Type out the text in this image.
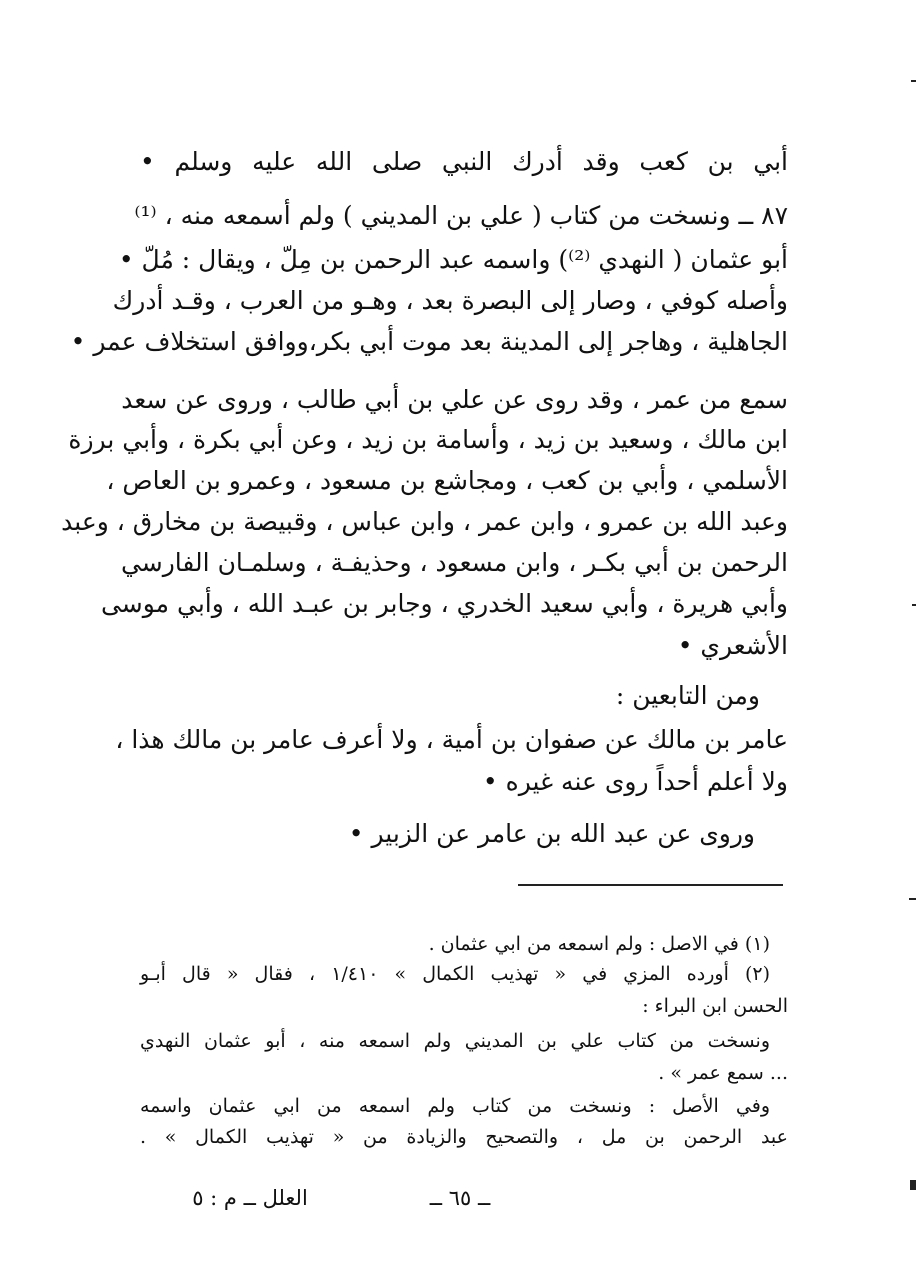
أبي بن كعب وقد أدرك النبي صلى الله عليه وسلم •
٨٧ ــ ونسخت من كتاب ( علي بن المديني ) ولم أسمعه منه ، ⁽¹⁾
أبو عثمان ( النهدي ⁽²⁾) واسمه عبد الرحمن بن مِلّ ، ويقال : مُلّ •
وأصله كوفي ، وصار إلى البصرة بعد ، وهـو من العرب ، وقـد أدرك
الجاهلية ، وهاجر إلى المدينة بعد موت أبي بكر،ووافق استخلاف عمر •
سمع من عمر ، وقد روى عن علي بن أبي طالب ، وروى عن سعد
ابن مالك ، وسعيد بن زيد ، وأسامة بن زيد ، وعن أبي بكرة ، وأبي برزة
الأسلمي ، وأبي بن كعب ، ومجاشع بن مسعود ، وعمرو بن العاص ،
وعبد الله بن عمرو ، وابن عمر ، وابن عباس ، وقبيصة بن مخارق ، وعبد
الرحمن بن أبي بكـر ، وابن مسعود ، وحذيفـة ، وسلمـان الفارسي
وأبي هريرة ، وأبي سعيد الخدري ، وجابر بن عبـد الله ، وأبي موسى
الأشعري •
ومن التابعين :
عامر بن مالك عن صفوان بن أمية ، ولا أعرف عامر بن مالك هذا ،
ولا أعلم أحداً روى عنه غيره •
وروى عن عبد الله بن عامر عن الزبير •
(١) في الاصل : ولم اسمعه من ابي عثمان .
(٢) أورده المزي في « تهذيب الكمال » ١/٤١٠ ، فقال « قال أبـو
الحسن ابن البراء :
ونسخت من كتاب علي بن المديني ولم اسمعه منه ، أبو عثمان النهدي
... سمع عمر » .
وفي الأصل : ونسخت من كتاب ولم اسمعه من ابي عثمان واسمه
عبد الرحمن بن مل ، والتصحيح والزيادة من « تهذيب الكمال » .
ــ ٦٥ ــ
العلل ــ م : ٥
